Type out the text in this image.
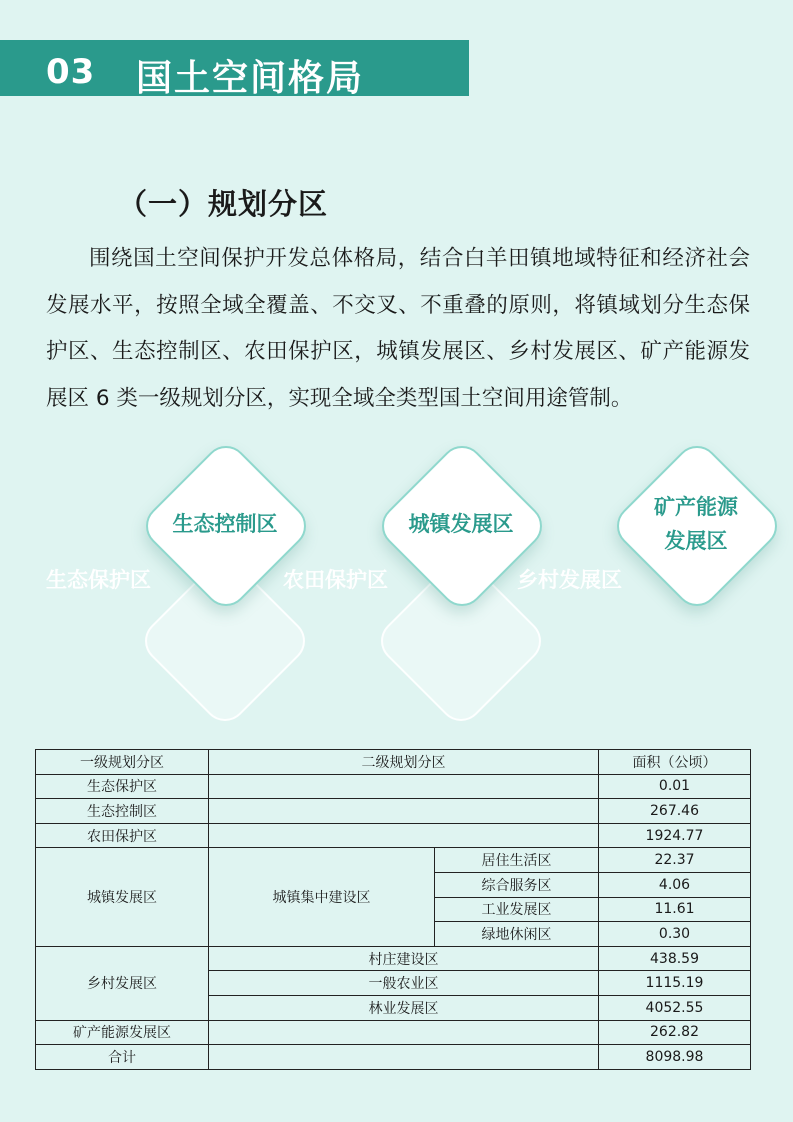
03 国土空间格局
（一）规划分区

围绕国土空间保护开发总体格局，结合白羊田镇地域特征和经济社会发展水平，按照全域全覆盖、不交叉、不重叠的原则，将镇域划分生态保护区、生态控制区、农田保护区，城镇发展区、乡村发展区、矿产能源发展区 6 类一级规划分区，实现全域全类型国土空间用途管制。

生态控制区	城镇发展区
矿产能源
发展区
生态保护区	农田保护区	乡村发展区
一级规划分区	二级规划分区		面积（公顷）
生态保护区			0.01
生态控制区			267.46
农田保护区			1924.77
城镇发展区	城镇集中建设区	居住生活区	22.37
		综合服务区	4.06
		工业发展区	11.61
		绿地休闲区	0.30
乡村发展区	村庄建设区		438.59
	一般农业区		1115.19
	林业发展区		4052.55
矿产能源发展区			262.82
合计			8098.98
